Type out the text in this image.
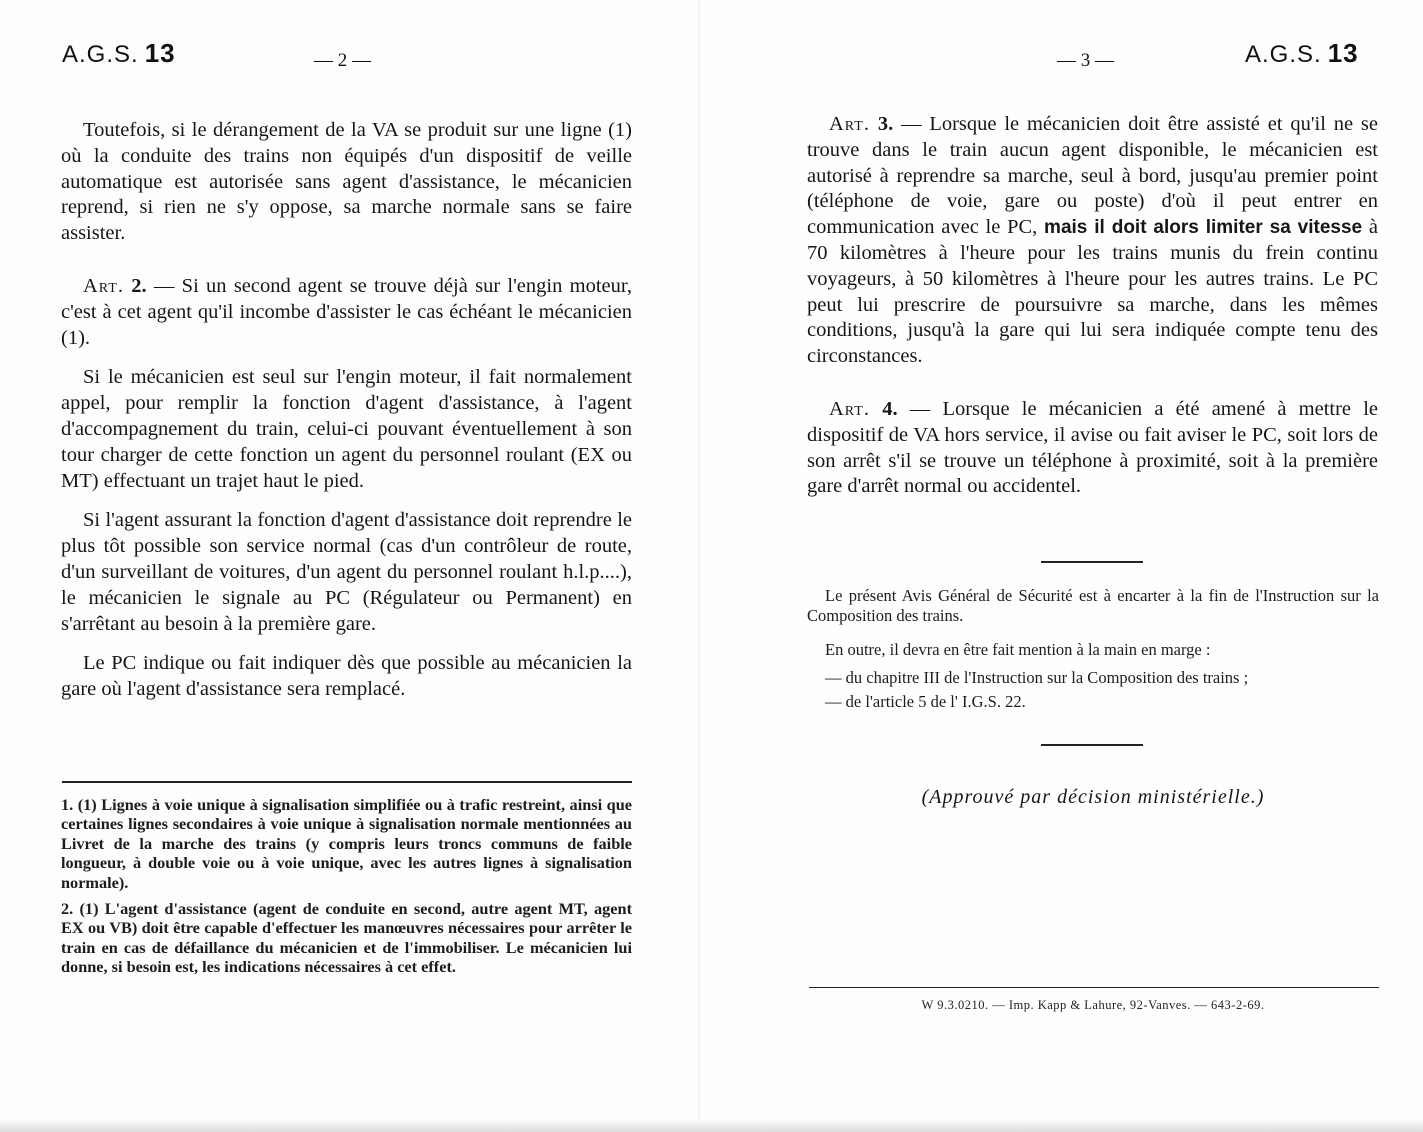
A.G.S. 13	— 2 —

Toutefois, si le dérangement de la VA se produit sur une ligne (1) où la conduite des trains non équipés d'un dispositif de veille automatique est autorisée sans agent d'assistance, le mécanicien reprend, si rien ne s'y oppose, sa marche normale sans se faire assister.

Art. 2. — Si un second agent se trouve déjà sur l'engin moteur, c'est à cet agent qu'il incombe d'assister le cas échéant le mécanicien (1).

Si le mécanicien est seul sur l'engin moteur, il fait normalement appel, pour remplir la fonction d'agent d'assistance, à l'agent d'accompagnement du train, celui-ci pouvant éventuellement à son tour charger de cette fonction un agent du personnel roulant (EX ou MT) effectuant un trajet haut le pied.

Si l'agent assurant la fonction d'agent d'assistance doit reprendre le plus tôt possible son service normal (cas d'un contrôleur de route, d'un surveillant de voitures, d'un agent du personnel roulant h.l.p....), le mécanicien le signale au PC (Régulateur ou Permanent) en s'arrêtant au besoin à la première gare.

Le PC indique ou fait indiquer dès que possible au mécanicien la gare où l'agent d'assistance sera remplacé.

1. (1) Lignes à voie unique à signalisation simplifiée ou à trafic restreint, ainsi que certaines lignes secondaires à voie unique à signalisation normale mentionnées au Livret de la marche des trains (y compris leurs troncs communs de faible longueur, à double voie ou à voie unique, avec les autres lignes à signalisation normale).

2. (1) L'agent d'assistance (agent de conduite en second, autre agent MT, agent EX ou VB) doit être capable d'effectuer les manœuvres nécessaires pour arrêter le train en cas de défaillance du mécanicien et de l'immobiliser. Le mécanicien lui donne, si besoin est, les indications nécessaires à cet effet.

— 3 —	A.G.S. 13

Art. 3. — Lorsque le mécanicien doit être assisté et qu'il ne se trouve dans le train aucun agent disponible, le mécanicien est autorisé à reprendre sa marche, seul à bord, jusqu'au premier point (téléphone de voie, gare ou poste) d'où il peut entrer en communication avec le PC, mais il doit alors limiter sa vitesse à 70 kilomètres à l'heure pour les trains munis du frein continu voyageurs, à 50 kilomètres à l'heure pour les autres trains. Le PC peut lui prescrire de poursuivre sa marche, dans les mêmes conditions, jusqu'à la gare qui lui sera indiquée compte tenu des circonstances.

Art. 4. — Lorsque le mécanicien a été amené à mettre le dispositif de VA hors service, il avise ou fait aviser le PC, soit lors de son arrêt s'il se trouve un téléphone à proximité, soit à la première gare d'arrêt normal ou accidentel.

Le présent Avis Général de Sécurité est à encarter à la fin de l'Instruction sur la Composition des trains.

En outre, il devra en être fait mention à la main en marge :

— du chapitre III de l'Instruction sur la Composition des trains ;

— de l'article 5 de l' I.G.S. 22.

(Approuvé par décision ministérielle.)
W 9.3.0210. — Imp. Kapp & Lahure, 92-Vanves. — 643-2-69.
